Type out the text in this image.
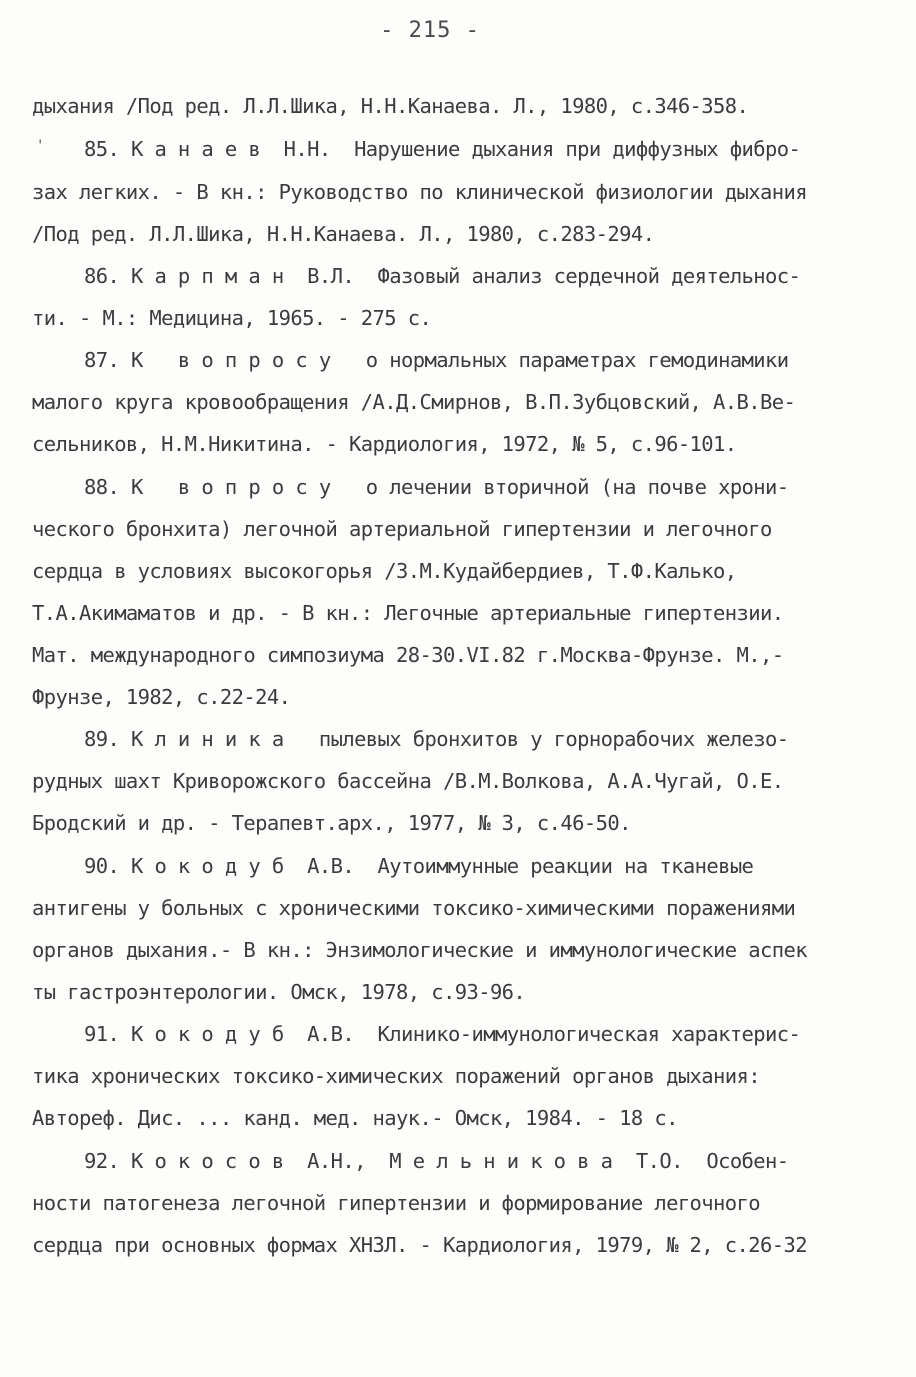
- 215 -
'
дыхания /Под ред. Л.Л.Шика, Н.Н.Канаева. Л., 1980, с.346-358.
85. К а н а е в  Н.Н.  Нарушение дыхания при диффузных фибро-
зах легких. - В кн.: Руководство по клинической физиологии дыхания
/Под ред. Л.Л.Шика, Н.Н.Канаева. Л., 1980, с.283-294.
86. К а р п м а н  В.Л.  Фазовый анализ сердечной деятельнос-
ти. - М.: Медицина, 1965. - 275 с.
87. К   в о п р о с у   о нормальных параметрах гемодинамики
малого круга кровообращения /А.Д.Смирнов, В.П.Зубцовский, А.В.Ве-
сельников, Н.М.Никитина. - Кардиология, 1972, № 5, с.96-101.
88. К   в о п р о с у   о лечении вторичной (на почве хрони-
ческого бронхита) легочной артериальной гипертензии и легочного
сердца в условиях высокогорья /З.М.Кудайбердиев, Т.Ф.Калько,
Т.А.Акимаматов и др. - В кн.: Легочные артериальные гипертензии.
Мат. международного симпозиума 28-30.VI.82 г.Москва-Фрунзе. М.,-
Фрунзе, 1982, с.22-24.
89. К л и н и к а   пылевых бронхитов у горнорабочих железо-
рудных шахт Криворожского бассейна /В.М.Волкова, А.А.Чугай, О.Е.
Бродский и др. - Терапевт.арх., 1977, № 3, с.46-50.
90. К о к о д у б  А.В.  Аутоиммунные реакции на тканевые
антигены у больных с хроническими токсико-химическими поражениями
органов дыхания.- В кн.: Энзимологические и иммунологические аспек
ты гастроэнтерологии. Омск, 1978, с.93-96.
91. К о к о д у б  А.В.  Клинико-иммунологическая характерис-
тика хронических токсико-химических поражений органов дыхания:
Автореф. Дис. ... канд. мед. наук.- Омск, 1984. - 18 с.
92. К о к о с о в  А.Н.,  М е л ь н и к о в а  Т.О.  Особен-
ности патогенеза легочной гипертензии и формирование легочного
сердца при основных формах ХНЗЛ. - Кардиология, 1979, № 2, с.26-32
